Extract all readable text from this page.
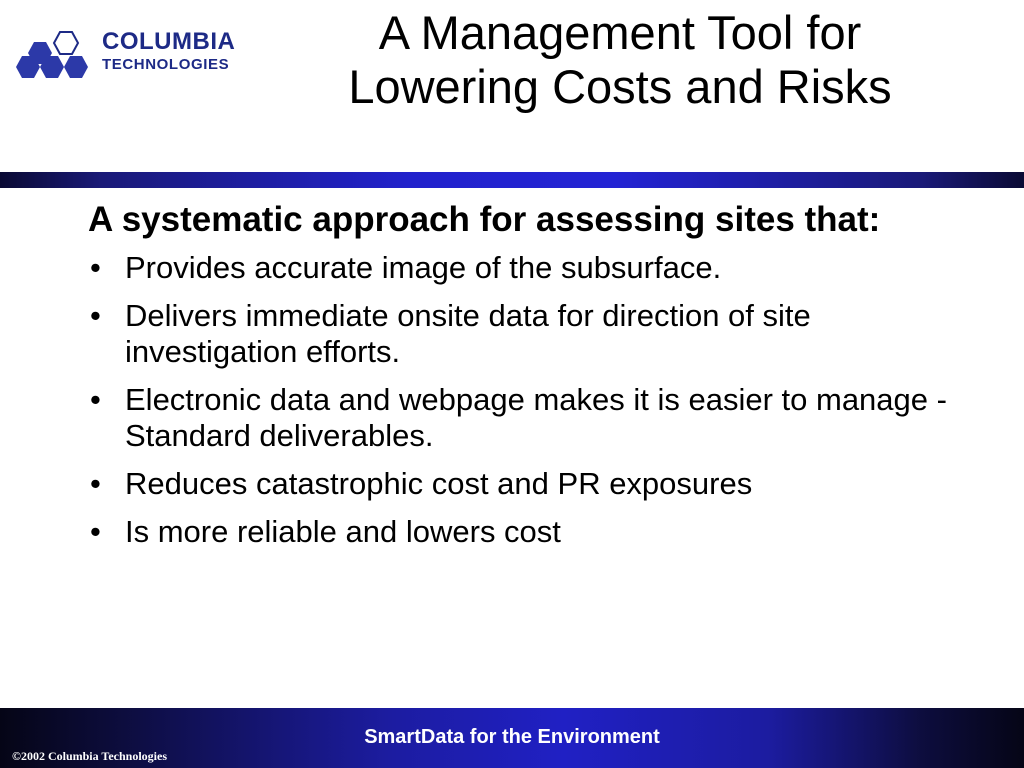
COLUMBIA
TECHNOLOGIES
A Management Tool for
Lowering Costs and Risks

A systematic approach for assessing sites that:

• Provides accurate image of the subsurface.
• Delivers immediate onsite data for direction of site investigation efforts.
• Electronic data and webpage makes it is easier to manage - Standard deliverables.
• Reduces catastrophic cost and PR exposures
• Is more reliable and lowers cost
SmartData for the Environment
©2002 Columbia Technologies
